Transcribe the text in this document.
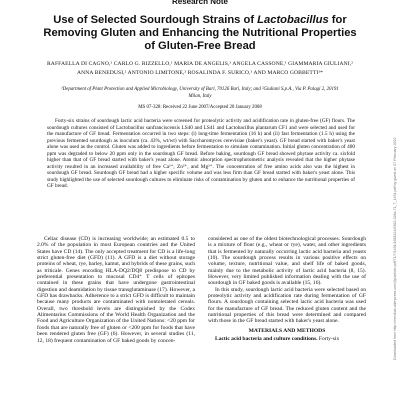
Research Note
Use of Selected Sourdough Strains of Lactobacillus for Removing Gluten and Enhancing the Nutritional Properties of Gluten-Free Bread
RAFFAELLA DI CAGNO,¹ CARLO G. RIZZELLO,¹ MARIA DE ANGELIS,¹ ANGELA CASSONE,¹ GIAMMARIA GIULIANI,² ANNA BENEDUSI,² ANTONIO LIMITONE,² ROSALINDA F. SURICO,¹ AND MARCO GOBBETTI¹*
¹Department of Plant Protection and Applied Microbiology, University of Bari, 70126 Bari, Italy; and ²Giuliani S.p.A., Via P. Palagi 2, 20191 Milan, Italy
MS 07-328: Received 22 June 2007/Accepted 20 January 2008
Forty-six strains of sourdough lactic acid bacteria were screened for proteolytic activity and acidification rate in gluten-free (GF) flours. The sourdough cultures consisted of Lactobacillus sanfranciscensis LS40 and LS41 and Lactobacillus plantarum CF1 and were selected and used for the manufacture of GF bread. Fermentation occurred in two steps: (i) long-time fermentation (16 h) and (ii) fast fermentation (1.5 h) using the previous fermented sourdough as inoculum (ca. 43%, wt/wt) with Saccharomyces cerevisiae (baker's yeast). GF bread started with baker's yeast alone was used as the control. Gluten was added to ingredients before fermentation to simulate contamination. Initial gluten concentration of 400 ppm was degraded to below 20 ppm only in the sourdough GF bread. Before baking, sourdough GF bread showed phytase activity ca. sixfold higher than that of GF bread started with baker's yeast alone. Atomic absorption spectrophotometric analysis revealed that the higher phytase activity resulted in an increased availability of free Ca²⁺, Zn²⁺, and Mg²⁺. The concentration of free amino acids also was the highest in sourdough GF bread. Sourdough GF bread had a higher specific volume and was less firm than GF bread started with baker's yeast alone. This study highlighted the use of selected sourdough cultures to eliminate risks of contamination by gluten and to enhance the nutritional properties of GF bread.

Celiac disease (CD) is increasing worldwide; an estimated 0.5 to 2.0% of the population in most European countries and the United States have CD (14). The only accepted treatment for CD is a life-long strict gluten-free diet (GFD) (11). A GFD is a diet without storage proteins of wheat, rye, barley, kamut, and hybrids of these grains, such as triticale. Genes encoding HLA-DQ2/DQ8 predispose to CD by preferential presentation to mucosal CD4⁺ T cells of epitopes contained in these grains that have undergone gastrointestinal digestion and deamidation by tissue transglutaminase (17). However, a GFD has drawbacks. Adherence to a strict GFD is difficult to maintain because many products are contaminated with nontolerated cereals. Overall, two threshold levels are distinguished by the Codex Alimentarius Commissions of the World Health Organization and the Food and Agriculture Organization of the United Nations: <20 ppm for foods that are naturally free of gluten or <200 ppm for foods that have been rendered gluten free (GF) (6). However, in several studies (11, 12, 18) frequent contamination of GF baked goods by concen-

considered as one of the oldest biotechnological processes. Sourdough is a mixture of flour (e.g., wheat or rye), water, and other ingredients that is fermented by naturally occurring lactic acid bacteria and yeasts (10). The sourdough process results in various positive effects on volume, texture, nutritional value, and shelf life of baked goods, mainly due to the metabolic activity of lactic acid bacteria (8, 15). However, very limited published information dealing with the use of sourdough in GF baked goods is available (15, 16).

In this study, sourdough lactic acid bacteria were selected based on proteolytic activity and acidification rate during fermentation of GF flours. A sourdough containing selected lactic acid bacteria was used for the manufacture of GF bread. The reduced gluten content and the nutritional properties of this bread were determined and compared with those in the GF bread started with baker's yeast alone.

MATERIALS AND METHODS

Lactic acid bacteria and culture conditions. Forty-six	Downloaded from http://meridian.allenpress.com/jfp/article-pdf/71/7/1491/1681124/0362-028x-71_7_1491.pdf by guest on 07 February 2022
